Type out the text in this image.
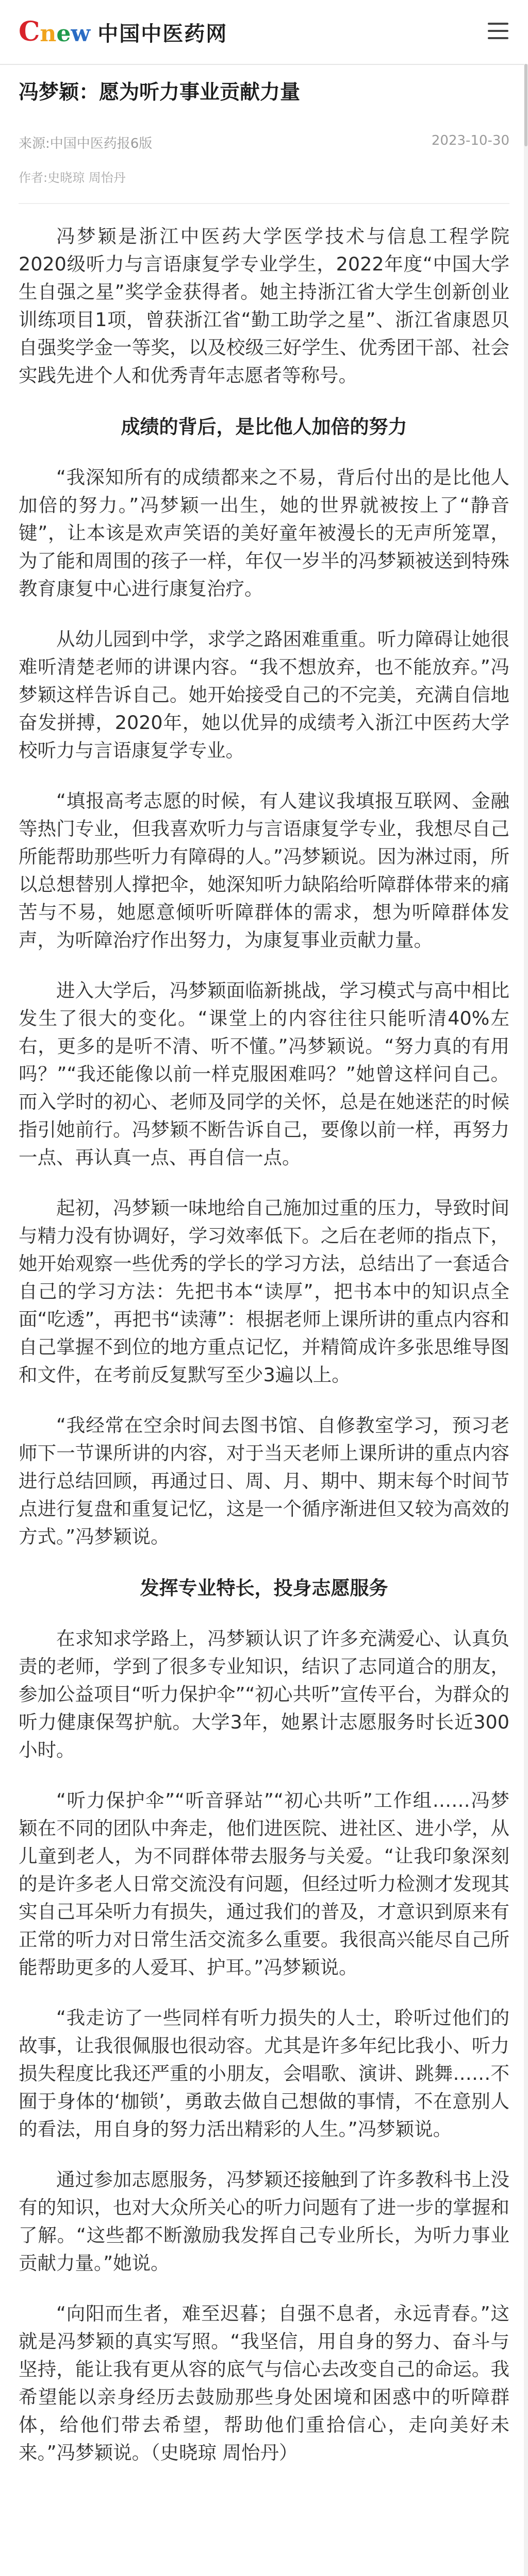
C n e w 中国中医药网
冯梦颖：愿为听力事业贡献力量
来源:中国中医药报6版	2023-10-30
作者:史晓琼 周怡丹

冯梦颖是浙江中医药大学医学技术与信息工程学院2020级听力与言语康复学专业学生，2022年度“中国大学生自强之星”奖学金获得者。她主持浙江省大学生创新创业训练项目1项，曾获浙江省“勤工助学之星”、浙江省康恩贝自强奖学金一等奖，以及校级三好学生、优秀团干部、社会实践先进个人和优秀青年志愿者等称号。

成绩的背后，是比他人加倍的努力

“我深知所有的成绩都来之不易，背后付出的是比他人加倍的努力。”冯梦颖一出生，她的世界就被按上了“静音键”，让本该是欢声笑语的美好童年被漫长的无声所笼罩，为了能和周围的孩子一样，年仅一岁半的冯梦颖被送到特殊教育康复中心进行康复治疗。

从幼儿园到中学，求学之路困难重重。听力障碍让她很难听清楚老师的讲课内容。“我不想放弃，也不能放弃。”冯梦颖这样告诉自己。她开始接受自己的不完美，充满自信地奋发拼搏，2020年，她以优异的成绩考入浙江中医药大学校听力与言语康复学专业。

“填报高考志愿的时候，有人建议我填报互联网、金融等热门专业，但我喜欢听力与言语康复学专业，我想尽自己所能帮助那些听力有障碍的人。”冯梦颖说。因为淋过雨，所以总想替别人撑把伞，她深知听力缺陷给听障群体带来的痛苦与不易，她愿意倾听听障群体的需求，想为听障群体发声，为听障治疗作出努力，为康复事业贡献力量。

进入大学后，冯梦颖面临新挑战，学习模式与高中相比发生了很大的变化。“课堂上的内容往往只能听清40%左右，更多的是听不清、听不懂。”冯梦颖说。“努力真的有用吗？”“我还能像以前一样克服困难吗？”她曾这样问自己。而入学时的初心、老师及同学的关怀，总是在她迷茫的时候指引她前行。冯梦颖不断告诉自己，要像以前一样，再努力一点、再认真一点、再自信一点。

起初，冯梦颖一味地给自己施加过重的压力，导致时间与精力没有协调好，学习效率低下。之后在老师的指点下，她开始观察一些优秀的学长的学习方法，总结出了一套适合自己的学习方法：先把书本“读厚”，把书本中的知识点全面“吃透”，再把书“读薄”：根据老师上课所讲的重点内容和自己掌握不到位的地方重点记忆，并精简成许多张思维导图和文件，在考前反复默写至少3遍以上。

“我经常在空余时间去图书馆、自修教室学习，预习老师下一节课所讲的内容，对于当天老师上课所讲的重点内容进行总结回顾，再通过日、周、月、期中、期末每个时间节点进行复盘和重复记忆，这是一个循序渐进但又较为高效的方式。”冯梦颖说。

发挥专业特长，投身志愿服务

在求知求学路上，冯梦颖认识了许多充满爱心、认真负责的老师，学到了很多专业知识，结识了志同道合的朋友，参加公益项目“听力保护伞”“初心共听”宣传平台，为群众的听力健康保驾护航。大学3年，她累计志愿服务时长近300小时。

“听力保护伞”“听音驿站”“初心共听”工作组……冯梦颖在不同的团队中奔走，他们进医院、进社区、进小学，从儿童到老人，为不同群体带去服务与关爱。“让我印象深刻的是许多老人日常交流没有问题，但经过听力检测才发现其实自己耳朵听力有损失，通过我们的普及，才意识到原来有正常的听力对日常生活交流多么重要。我很高兴能尽自己所能帮助更多的人爱耳、护耳。”冯梦颖说。

“我走访了一些同样有听力损失的人士，聆听过他们的故事，让我很佩服也很动容。尤其是许多年纪比我小、听力损失程度比我还严重的小朋友，会唱歌、演讲、跳舞……不囿于身体的‘枷锁’，勇敢去做自己想做的事情，不在意别人的看法，用自身的努力活出精彩的人生。”冯梦颖说。

通过参加志愿服务，冯梦颖还接触到了许多教科书上没有的知识，也对大众所关心的听力问题有了进一步的掌握和了解。“这些都不断激励我发挥自己专业所长，为听力事业贡献力量。”她说。

“向阳而生者，难至迟暮；自强不息者，永远青春。”这就是冯梦颖的真实写照。“我坚信，用自身的努力、奋斗与坚持，能让我有更从容的底气与信心去改变自己的命运。我希望能以亲身经历去鼓励那些身处困境和困惑中的听障群体，给他们带去希望，帮助他们重拾信心，走向美好未来。”冯梦颖说。（史晓琼 周怡丹）
